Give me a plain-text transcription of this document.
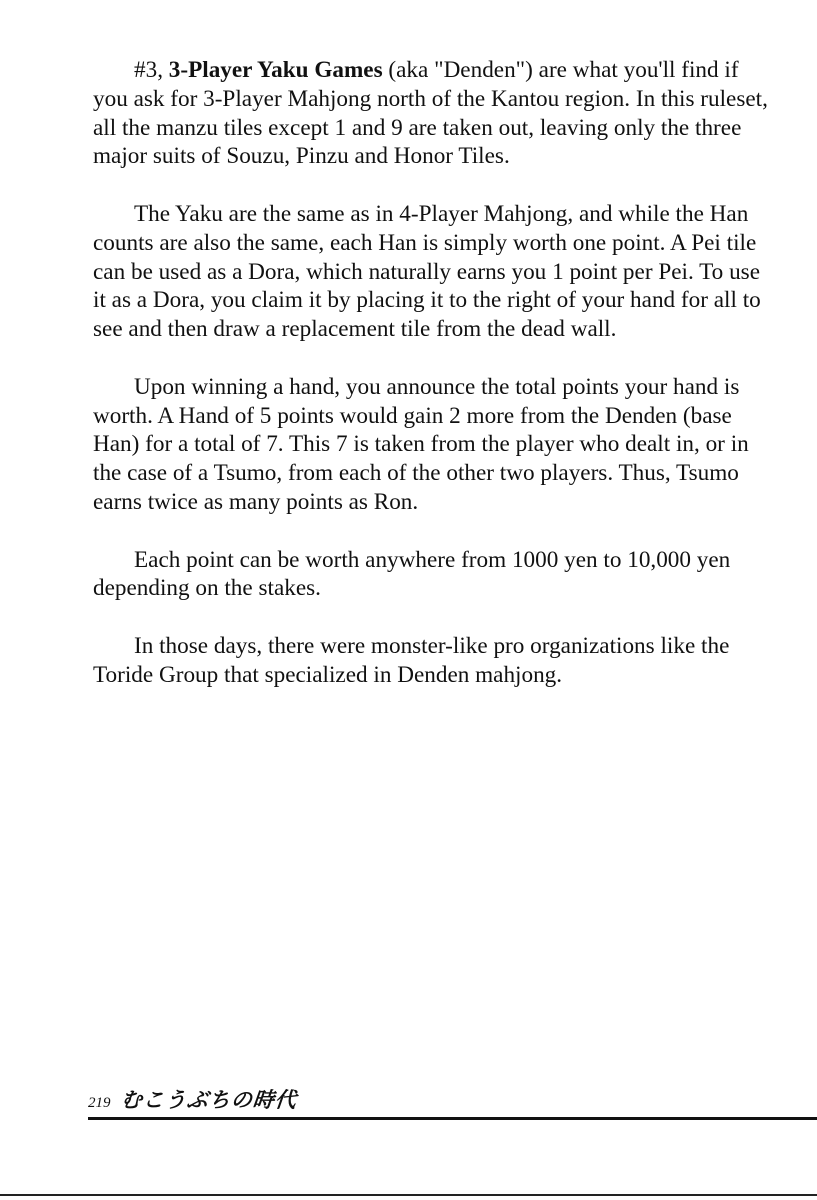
#3, 3-Player Yaku Games (aka "Denden") are what you'll find if you ask for 3-Player Mahjong north of the Kantou region. In this ruleset, all the manzu tiles except 1 and 9 are taken out, leaving only the three major suits of Souzu, Pinzu and Honor Tiles.

The Yaku are the same as in 4-Player Mahjong, and while the Han counts are also the same, each Han is simply worth one point. A Pei tile can be used as a Dora, which naturally earns you 1 point per Pei. To use it as a Dora, you claim it by placing it to the right of your hand for all to see and then draw a replacement tile from the dead wall.

Upon winning a hand, you announce the total points your hand is worth. A Hand of 5 points would gain 2 more from the Denden (base Han) for a total of 7. This 7 is taken from the player who dealt in, or in the case of a Tsumo, from each of the other two players. Thus, Tsumo earns twice as many points as Ron.

Each point can be worth anywhere from 1000 yen to 10,000 yen depending on the stakes.

In those days, there were monster-like pro organizations like the Toride Group that specialized in Denden mahjong.

219 むこうぶちの時代
